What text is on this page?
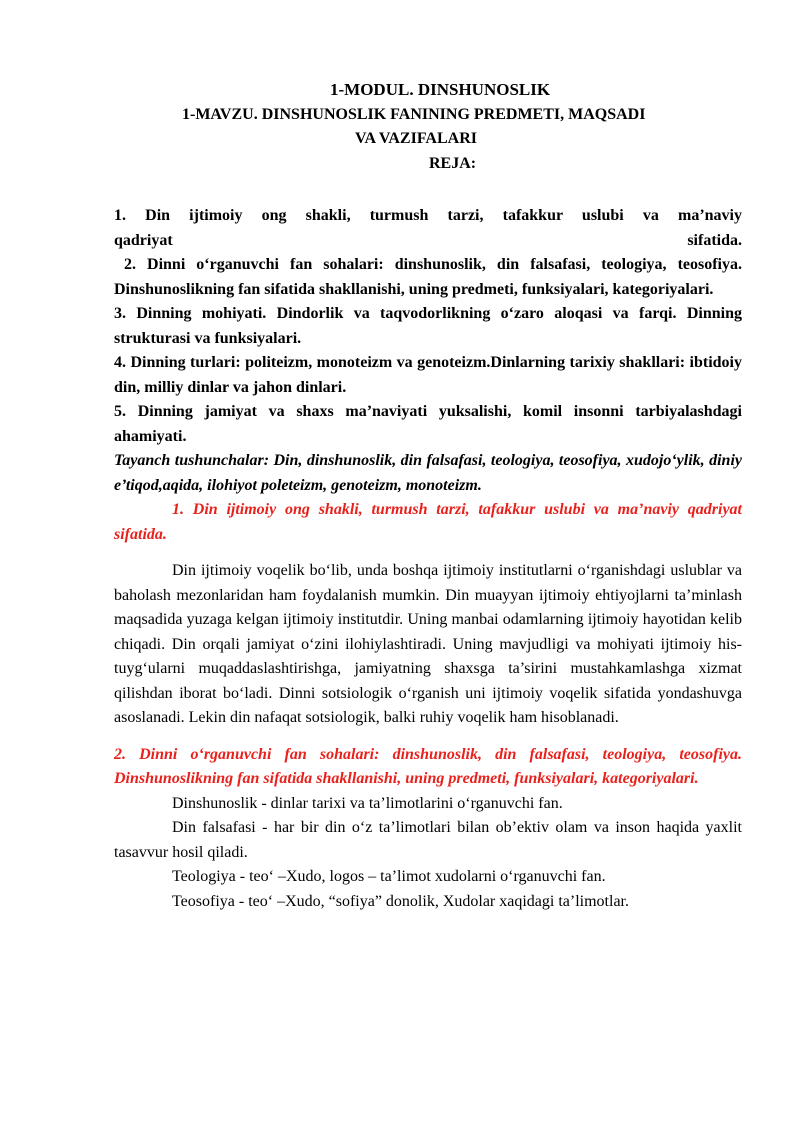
1-MODUL. DINSHUNOSLIK
1-MAVZU. DINSHUNOSLIK FANINING PREDMETI, MAQSADI
VA VAZIFALARI
REJA:

1. Din ijtimoiy ong shakli, turmush tarzi, tafakkur uslubi va ma’naviy

qadriyat	sifatida.

2. Dinni o‘rganuvchi fan sohalari: dinshunoslik, din falsafasi, teologiya, teosofiya. Dinshunoslikning fan sifatida shakllanishi, uning predmeti, funksiyalari, kategoriyalari.

3. Dinning mohiyati. Dindorlik va taqvodorlikning o‘zaro aloqasi va farqi. Dinning strukturasi va funksiyalari.

4. Dinning turlari: politeizm, monoteizm va genoteizm.Dinlarning tarixiy shakllari: ibtidoiy din, milliy dinlar va jahon dinlari.

5. Dinning jamiyat va shaxs ma’naviyati yuksalishi, komil insonni tarbiyalashdagi ahamiyati.

Tayanch tushunchalar: Din, dinshunoslik, din falsafasi, teologiya, teosofiya, xudojo‘ylik, diniy e’tiqod,aqida, ilohiyot poleteizm, genoteizm, monoteizm.

1. Din ijtimoiy ong shakli, turmush tarzi, tafakkur uslubi va ma’naviy qadriyat sifatida.

Din ijtimoiy voqelik bo‘lib, unda boshqa ijtimoiy institutlarni o‘rganishdagi uslublar va baholash mezonlaridan ham foydalanish mumkin. Din muayyan ijtimoiy ehtiyojlarni ta’minlash maqsadida yuzaga kelgan ijtimoiy institutdir. Uning manbai odamlarning ijtimoiy hayotidan kelib chiqadi. Din orqali jamiyat o‘zini ilohiylashtiradi. Uning mavjudligi va mohiyati ijtimoiy his-tuyg‘ularni muqaddaslashtirishga, jamiyatning shaxsga ta’sirini mustahkamlashga xizmat qilishdan iborat bo‘ladi. Dinni sotsiologik o‘rganish uni ijtimoiy voqelik sifatida yondashuvga asoslanadi. Lekin din nafaqat sotsiologik, balki ruhiy voqelik ham hisoblanadi.

2. Dinni o‘rganuvchi fan sohalari: dinshunoslik, din falsafasi, teologiya, teosofiya. Dinshunoslikning fan sifatida shakllanishi, uning predmeti, funksiyalari, kategoriyalari.

Dinshunoslik - dinlar tarixi va ta’limotlarini o‘rganuvchi fan.

Din falsafasi - har bir din o‘z ta’limotlari bilan ob’ektiv olam va inson haqida yaxlit tasavvur hosil qiladi.

Teologiya - teo‘ –Xudo, logos – ta’limot xudolarni o‘rganuvchi fan.

Teosofiya - teo‘ –Xudo, “sofiya” donolik, Xudolar xaqidagi ta’limotlar.
